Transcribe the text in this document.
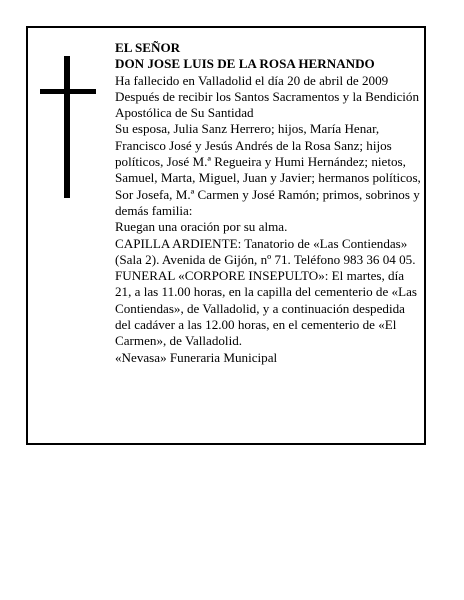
EL SEÑOR

DON JOSE LUIS DE LA ROSA HERNANDO

Ha fallecido en Valladolid el día 20 de abril de 2009

Después de recibir los Santos Sacramentos y la Bendición Apostólica de Su Santidad

Su esposa, Julia Sanz Herrero; hijos, María Henar, Francisco José y Jesús Andrés de la Rosa Sanz; hijos políticos, José M.ª Regueira y Humi Hernández; nietos, Samuel, Marta, Miguel, Juan y Javier; hermanos políticos, Sor Josefa, M.ª Carmen y José Ramón; primos, sobrinos y demás familia:

Ruegan una oración por su alma.

CAPILLA ARDIENTE: Tanatorio de «Las Contiendas» (Sala 2). Avenida de Gijón, nº 71. Teléfono 983 36 04 05.

FUNERAL «CORPORE INSEPULTO»: El martes, día 21, a las 11.00 horas, en la capilla del cementerio de «Las Contiendas», de Valladolid, y a continuación despedida del cadáver a las 12.00 horas, en el cementerio de «El Carmen», de Valladolid.

«Nevasa» Funeraria Municipal
